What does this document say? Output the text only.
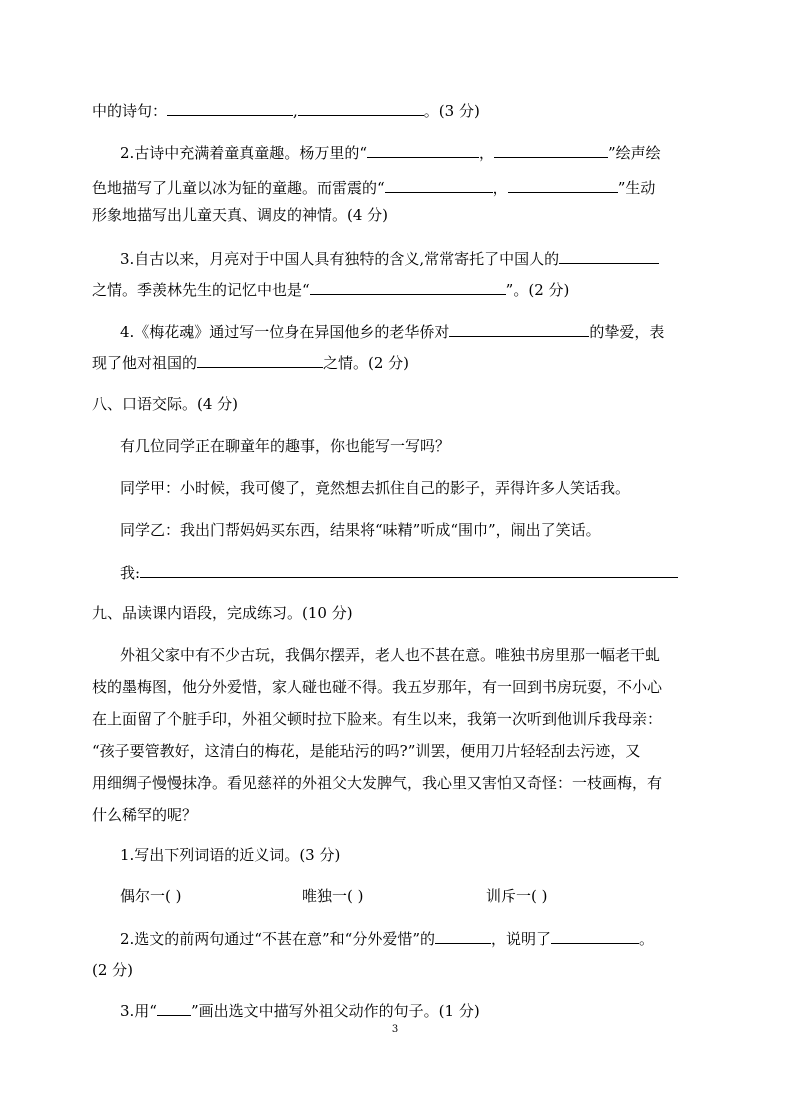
中的诗句：	,	。(3 分)
2.古诗中充满着童真童趣。杨万里的“	，	”绘声绘
色地描写了儿童以冰为钲的童趣。而雷震的“	，	”生动
形象地描写出儿童天真、调皮的神情。(4 分)
3.自古以来，月亮对于中国人具有独特的含义,常常寄托了中国人的
之情。季羡林先生的记忆中也是“	”。(2 分)
4.《梅花魂》通过写一位身在异国他乡的老华侨对	的挚爱，表
现了他对祖国的	之情。(2 分)
八、口语交际。(4 分)
有几位同学正在聊童年的趣事，你也能写一写吗？
同学甲：小时候，我可傻了，竟然想去抓住自己的影子，弄得许多人笑话我。
同学乙：我出门帮妈妈买东西，结果将“味精”听成“围巾”，闹出了笑话。
我:
九、品读课内语段，完成练习。(10 分)
外祖父家中有不少古玩，我偶尔摆弄，老人也不甚在意。唯独书房里那一幅老干虬
枝的墨梅图，他分外爱惜，家人碰也碰不得。我五岁那年，有一回到书房玩耍，不小心
在上面留了个脏手印，外祖父顿时拉下脸来。有生以来，我第一次听到他训斥我母亲：
“孩子要管教好，这清白的梅花，是能玷污的吗?”训罢，便用刀片轻轻刮去污迹，又
用细绸子慢慢抹净。看见慈祥的外祖父大发脾气，我心里又害怕又奇怪：一枝画梅，有
什么稀罕的呢？
1.写出下列词语的近义词。(3 分)
偶尔一( )	唯独一( )	训斥一( )
2.选文的前两句通过“不甚在意”和“分外爱惜”的	，说明了	。
(2 分)
3.用“ ”画出选文中描写外祖父动作的句子。(1 分)
3
